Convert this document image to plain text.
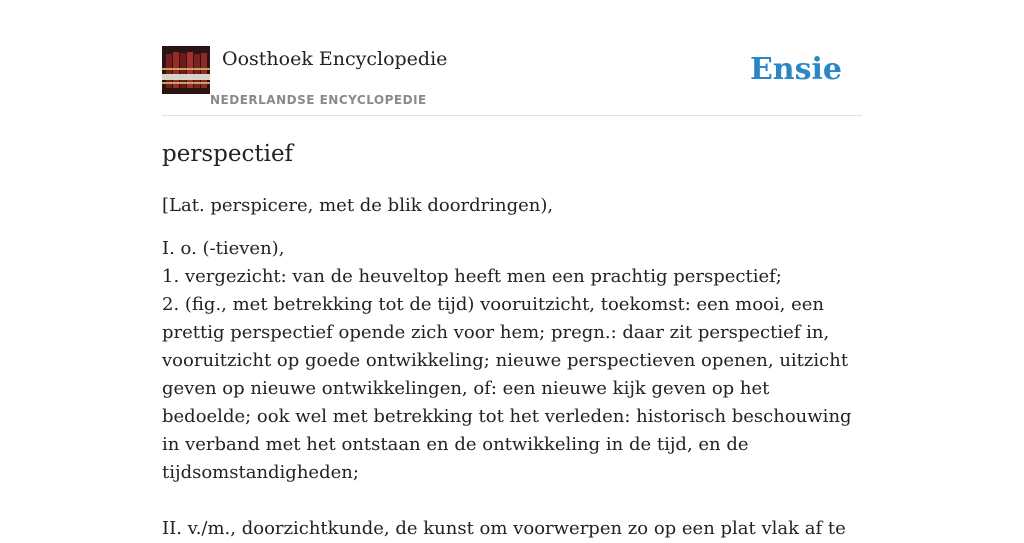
Oosthoek Encyclopedie
NEDERLANDSE ENCYCLOPEDIE
Ensie
perspectief

[Lat. perspicere, met de blik doordringen),

I. o. (-tieven),
1. vergezicht: van de heuveltop heeft men een prachtig perspectief;
2. (fig., met betrekking tot de tijd) vooruitzicht, toekomst: een mooi, een prettig perspectief opende zich voor hem; pregn.: daar zit perspectief in, vooruitzicht op goede ontwikkeling; nieuwe perspectieven openen, uitzicht geven op nieuwe ontwikkelingen, of: een nieuwe kijk geven op het bedoelde; ook wel met betrekking tot het verleden: historisch beschouwing in verband met het ontstaan en de ontwikkeling in de tijd, en de tijdsomstandigheden;

II. v./m., doorzichtkunde, de kunst om voorwerpen zo op een plat vlak af te
